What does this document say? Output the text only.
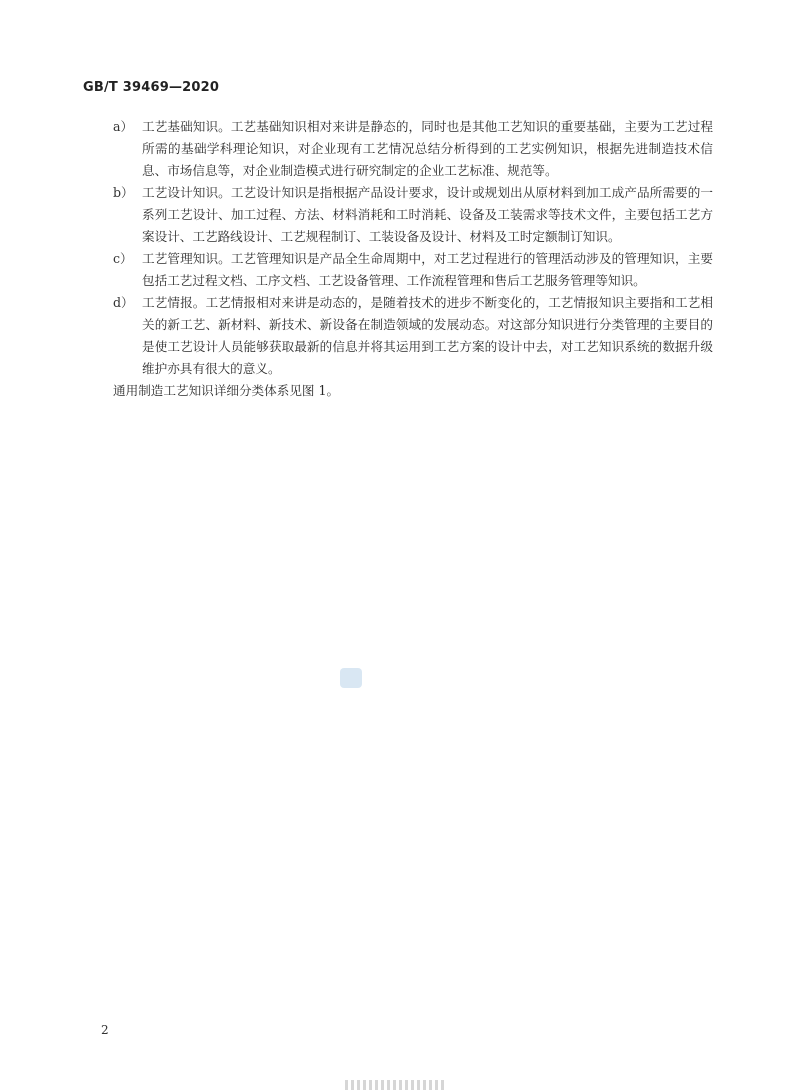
GB/T 39469—2020
a） 工艺基础知识。工艺基础知识相对来讲是静态的，同时也是其他工艺知识的重要基础，主要为工艺过程所需的基础学科理论知识，对企业现有工艺情况总结分析得到的工艺实例知识，根据先进制造技术信息、市场信息等，对企业制造模式进行研究制定的企业工艺标准、规范等。
b） 工艺设计知识。工艺设计知识是指根据产品设计要求，设计或规划出从原材料到加工成产品所需要的一系列工艺设计、加工过程、方法、材料消耗和工时消耗、设备及工装需求等技术文件，主要包括工艺方案设计、工艺路线设计、工艺规程制订、工装设备及设计、材料及工时定额制订知识。
c） 工艺管理知识。工艺管理知识是产品全生命周期中，对工艺过程进行的管理活动涉及的管理知识，主要包括工艺过程文档、工序文档、工艺设备管理、工作流程管理和售后工艺服务管理等知识。
d） 工艺情报。工艺情报相对来讲是动态的，是随着技术的进步不断变化的，工艺情报知识主要指和工艺相关的新工艺、新材料、新技术、新设备在制造领域的发展动态。对这部分知识进行分类管理的主要目的是使工艺设计人员能够获取最新的信息并将其运用到工艺方案的设计中去，对工艺知识系统的数据升级维护亦具有很大的意义。
通用制造工艺知识详细分类体系见图 1。
2
